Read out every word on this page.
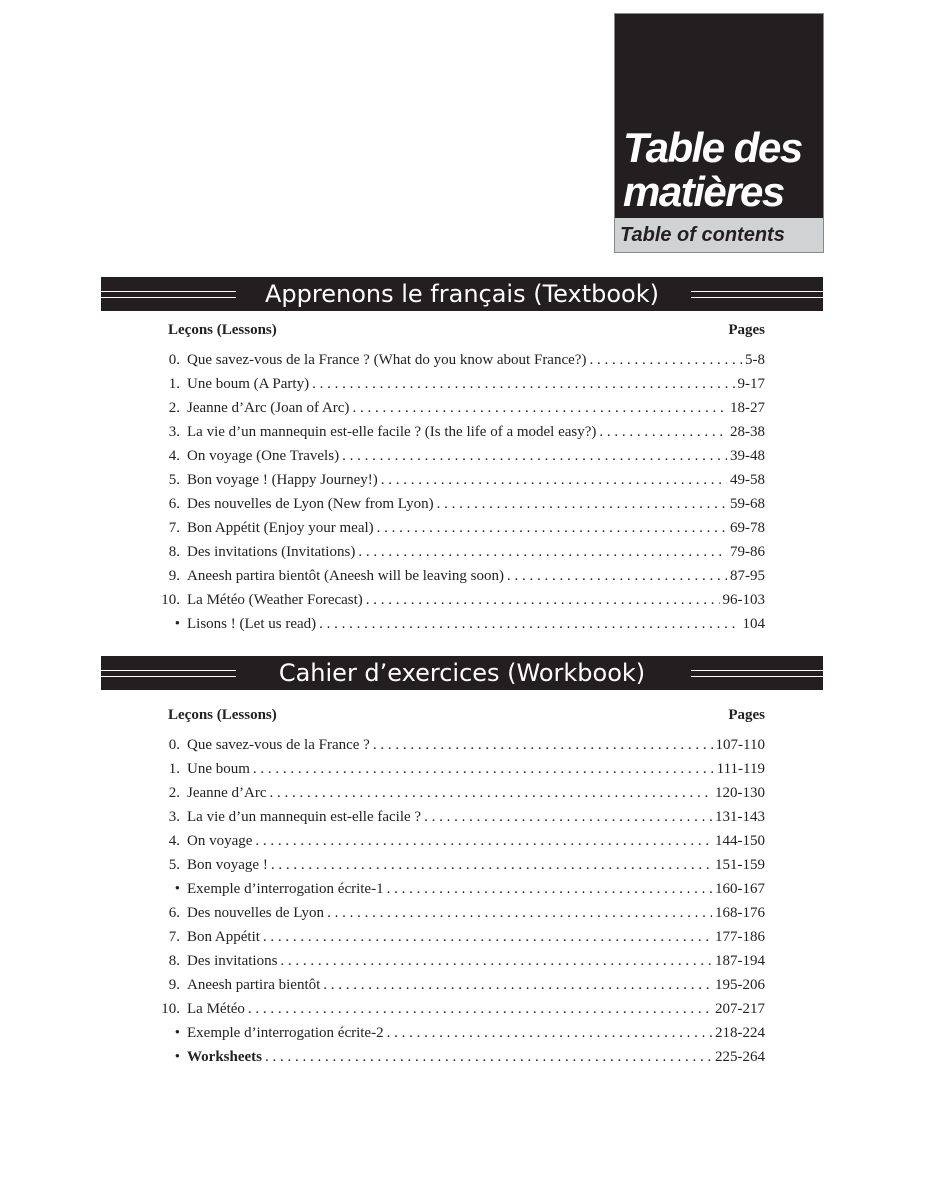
Table des
matières
Table of contents
Apprenons le français (Textbook)
Leçons (Lessons)	Pages
0. Que savez-vous de la France ? (What do you know about France?) . . .	5-8
1. Une boum (A Party) . . .	9-17
2. Jeanne d’Arc (Joan of Arc) . . .	18-27
3. La vie d’un mannequin est-elle facile ? (Is the life of a model easy?) . . .	28-38
4. On voyage (One Travels) . . .	39-48
5. Bon voyage ! (Happy Journey!) . . .	49-58
6. Des nouvelles de Lyon (New from Lyon) . . .	59-68
7. Bon Appétit (Enjoy your meal) . . .	69-78
8. Des invitations (Invitations) . . .	79-86
9. Aneesh partira bientôt (Aneesh will be leaving soon) . . .	87-95
10. La Météo (Weather Forecast) . . .	96-103
• Lisons ! (Let us read) . . .	104
Cahier d’exercices (Workbook)
Leçons (Lessons)	Pages
0. Que savez-vous de la France ? . . .	107-110
1. Une boum . . .	111-119
2. Jeanne d’Arc . . .	120-130
3. La vie d’un mannequin est-elle facile ? . . .	131-143
4. On voyage . . .	144-150
5. Bon voyage ! . . .	151-159
• Exemple d’interrogation écrite-1 . . .	160-167
6. Des nouvelles de Lyon . . .	168-176
7. Bon Appétit . . .	177-186
8. Des invitations . . .	187-194
9. Aneesh partira bientôt . . .	195-206
10. La Météo . . .	207-217
• Exemple d’interrogation écrite-2 . . .	218-224
• Worksheets . . .	225-264
